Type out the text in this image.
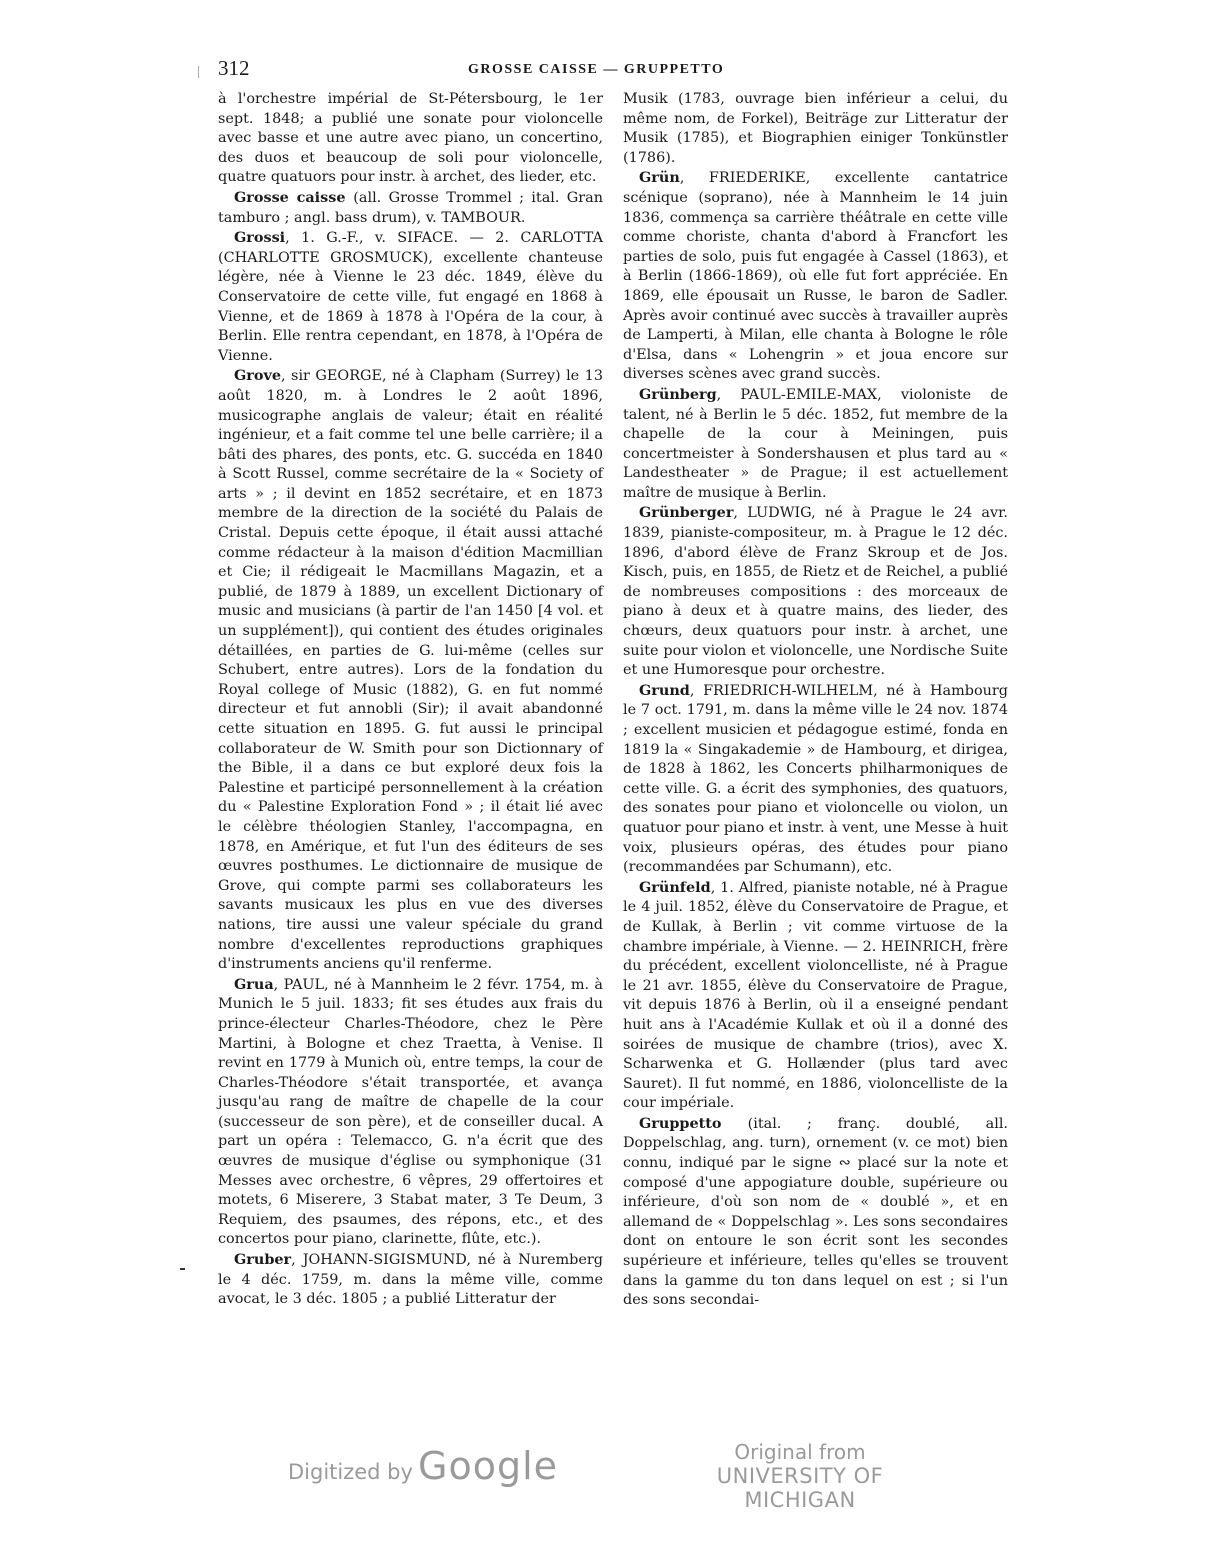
312	GROSSE CAISSE — GRUPPETTO

à l'orchestre impérial de St-Pétersbourg, le 1er sept. 1848; a publié une sonate pour violoncelle avec basse et une autre avec piano, un concertino, des duos et beaucoup de soli pour violoncelle, quatre quatuors pour instr. à archet, des lieder, etc.

Grosse caisse (all. Grosse Trommel ; ital. Gran tamburo ; angl. bass drum), v. TAMBOUR.

Grossi, 1. G.-F., v. SIFACE. — 2. CARLOTTA (CHARLOTTE GROSMUCK), excellente chanteuse légère, née à Vienne le 23 déc. 1849, élève du Conservatoire de cette ville, fut engagé en 1868 à Vienne, et de 1869 à 1878 à l'Opéra de la cour, à Berlin. Elle rentra cependant, en 1878, à l'Opéra de Vienne.

Grove, sir GEORGE, né à Clapham (Surrey) le 13 août 1820, m. à Londres le 2 août 1896, musicographe anglais de valeur; était en réalité ingénieur, et a fait comme tel une belle carrière; il a bâti des phares, des ponts, etc. G. succéda en 1840 à Scott Russel, comme secrétaire de la « Society of arts » ; il devint en 1852 secrétaire, et en 1873 membre de la direction de la société du Palais de Cristal. Depuis cette époque, il était aussi attaché comme rédacteur à la maison d'édition Macmillian et Cie; il rédigeait le Macmillans Magazin, et a publié, de 1879 à 1889, un excellent Dictionary of music and musicians (à partir de l'an 1450 [4 vol. et un supplément]), qui contient des études originales détaillées, en parties de G. lui-même (celles sur Schubert, entre autres). Lors de la fondation du Royal college of Music (1882), G. en fut nommé directeur et fut annobli (Sir); il avait abandonné cette situation en 1895. G. fut aussi le principal collaborateur de W. Smith pour son Dictionnary of the Bible, il a dans ce but exploré deux fois la Palestine et participé personnellement à la création du « Palestine Exploration Fond » ; il était lié avec le célèbre théologien Stanley, l'accompagna, en 1878, en Amérique, et fut l'un des éditeurs de ses œuvres posthumes. Le dictionnaire de musique de Grove, qui compte parmi ses collaborateurs les savants musicaux les plus en vue des diverses nations, tire aussi une valeur spéciale du grand nombre d'excellentes reproductions graphiques d'instruments anciens qu'il renferme.

Grua, PAUL, né à Mannheim le 2 févr. 1754, m. à Munich le 5 juil. 1833; fit ses études aux frais du prince-électeur Charles-Théodore, chez le Père Martini, à Bologne et chez Traetta, à Venise. Il revint en 1779 à Munich où, entre temps, la cour de Charles-Théodore s'était transportée, et avança jusqu'au rang de maître de chapelle de la cour (successeur de son père), et de conseiller ducal. A part un opéra : Telemacco, G. n'a écrit que des œuvres de musique d'église ou symphonique (31 Messes avec orchestre, 6 vêpres, 29 offertoires et motets, 6 Miserere, 3 Stabat mater, 3 Te Deum, 3 Requiem, des psaumes, des répons, etc., et des concertos pour piano, clarinette, flûte, etc.).

Gruber, JOHANN-SIGISMUND, né à Nuremberg le 4 déc. 1759, m. dans la même ville, comme avocat, le 3 déc. 1805 ; a publié Litteratur der

Musik (1783, ouvrage bien inférieur a celui, du même nom, de Forkel), Beiträge zur Litteratur der Musik (1785), et Biographien einiger Tonkünstler (1786).

Grün, FRIEDERIKE, excellente cantatrice scénique (soprano), née à Mannheim le 14 juin 1836, commença sa carrière théâtrale en cette ville comme choriste, chanta d'abord à Francfort les parties de solo, puis fut engagée à Cassel (1863), et à Berlin (1866-1869), où elle fut fort appréciée. En 1869, elle épousait un Russe, le baron de Sadler. Après avoir continué avec succès à travailler auprès de Lamperti, à Milan, elle chanta à Bologne le rôle d'Elsa, dans « Lohengrin » et joua encore sur diverses scènes avec grand succès.

Grünberg, PAUL-EMILE-MAX, violoniste de talent, né à Berlin le 5 déc. 1852, fut membre de la chapelle de la cour à Meiningen, puis concertmeister à Sondershausen et plus tard au « Landestheater » de Prague; il est actuellement maître de musique à Berlin.

Grünberger, LUDWIG, né à Prague le 24 avr. 1839, pianiste-compositeur, m. à Prague le 12 déc. 1896, d'abord élève de Franz Skroup et de Jos. Kisch, puis, en 1855, de Rietz et de Reichel, a publié de nombreuses compositions : des morceaux de piano à deux et à quatre mains, des lieder, des chœurs, deux quatuors pour instr. à archet, une suite pour violon et violoncelle, une Nordische Suite et une Humoresque pour orchestre.

Grund, FRIEDRICH-WILHELM, né à Hambourg le 7 oct. 1791, m. dans la même ville le 24 nov. 1874 ; excellent musicien et pédagogue estimé, fonda en 1819 la « Singakademie » de Hambourg, et dirigea, de 1828 à 1862, les Concerts philharmoniques de cette ville. G. a écrit des symphonies, des quatuors, des sonates pour piano et violoncelle ou violon, un quatuor pour piano et instr. à vent, une Messe à huit voix, plusieurs opéras, des études pour piano (recommandées par Schumann), etc.

Grünfeld, 1. Alfred, pianiste notable, né à Prague le 4 juil. 1852, élève du Conservatoire de Prague, et de Kullak, à Berlin ; vit comme virtuose de la chambre impériale, à Vienne. — 2. HEINRICH, frère du précédent, excellent violoncelliste, né à Prague le 21 avr. 1855, élève du Conservatoire de Prague, vit depuis 1876 à Berlin, où il a enseigné pendant huit ans à l'Académie Kullak et où il a donné des soirées de musique de chambre (trios), avec X. Scharwenka et G. Hollænder (plus tard avec Sauret). Il fut nommé, en 1886, violoncelliste de la cour impériale.

Gruppetto (ital. ; franç. doublé, all. Doppelschlag, ang. turn), ornement (v. ce mot) bien connu, indiqué par le signe ∾ placé sur la note et composé d'une appogiature double, supérieure ou inférieure, d'où son nom de « doublé », et en allemand de « Doppelschlag ». Les sons secondaires dont on entoure le son écrit sont les secondes supérieure et inférieure, telles qu'elles se trouvent dans la gamme du ton dans lequel on est ; si l'un des sons secondai-

Digitized by Google	Original from
UNIVERSITY OF MICHIGAN
